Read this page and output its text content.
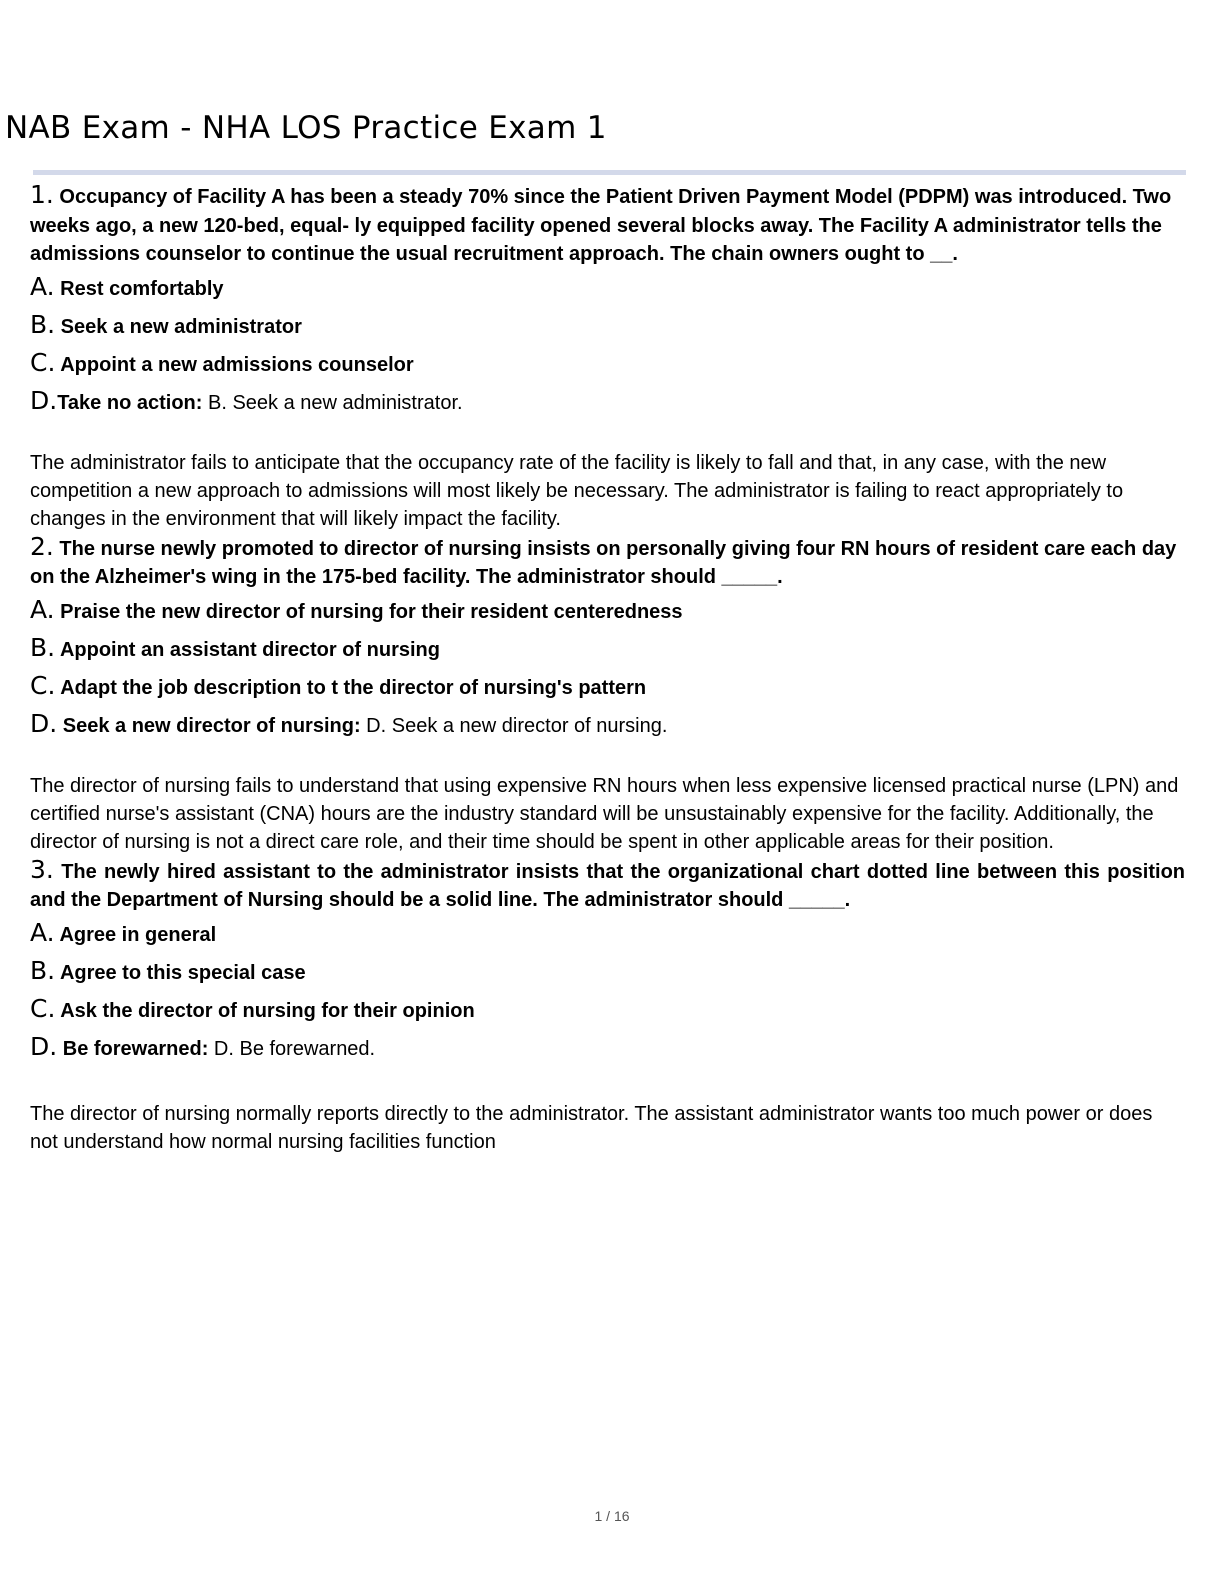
NAB Exam - NHA LOS Practice Exam 1

1. Occupancy of Facility A has been a steady 70% since the Patient Driven Payment Model (PDPM) was introduced. Two weeks ago, a new 120-bed, equal- ly equipped facility opened several blocks away. The Facility A administrator tells the admissions counselor to continue the usual recruitment approach. The chain owners ought to __.

A. Rest comfortably

B. Seek a new administrator

C. Appoint a new admissions counselor

D.Take no action: B. Seek a new administrator.

The administrator fails to anticipate that the occupancy rate of the facility is likely to fall and that, in any case, with the new competition a new approach to admissions will most likely be necessary. The administrator is failing to react appropriately to changes in the environment that will likely impact the facility.

2. The nurse newly promoted to director of nursing insists on personally giving four RN hours of resident care each day on the Alzheimer's wing in the 175-bed facility. The administrator should _____.

A. Praise the new director of nursing for their resident centeredness

B. Appoint an assistant director of nursing

C. Adapt the job description to t the director of nursing's pattern

D. Seek a new director of nursing: D. Seek a new director of nursing.

The director of nursing fails to understand that using expensive RN hours when less expensive licensed practical nurse (LPN) and certified nurse's assistant (CNA) hours are the industry standard will be unsustainably expensive for the facility. Additionally, the director of nursing is not a direct care role, and their time should be spent in other applicable areas for their position.

3. The newly hired assistant to the administrator insists that the organizational chart dotted line between this position and the Department of Nursing should be a solid line. The administrator should _____.

A. Agree in general

B. Agree to this special case

C. Ask the director of nursing for their opinion

D. Be forewarned: D. Be forewarned.

The director of nursing normally reports directly to the administrator. The assistant administrator wants too much power or does not understand how normal nursing facilities function

1 / 16
